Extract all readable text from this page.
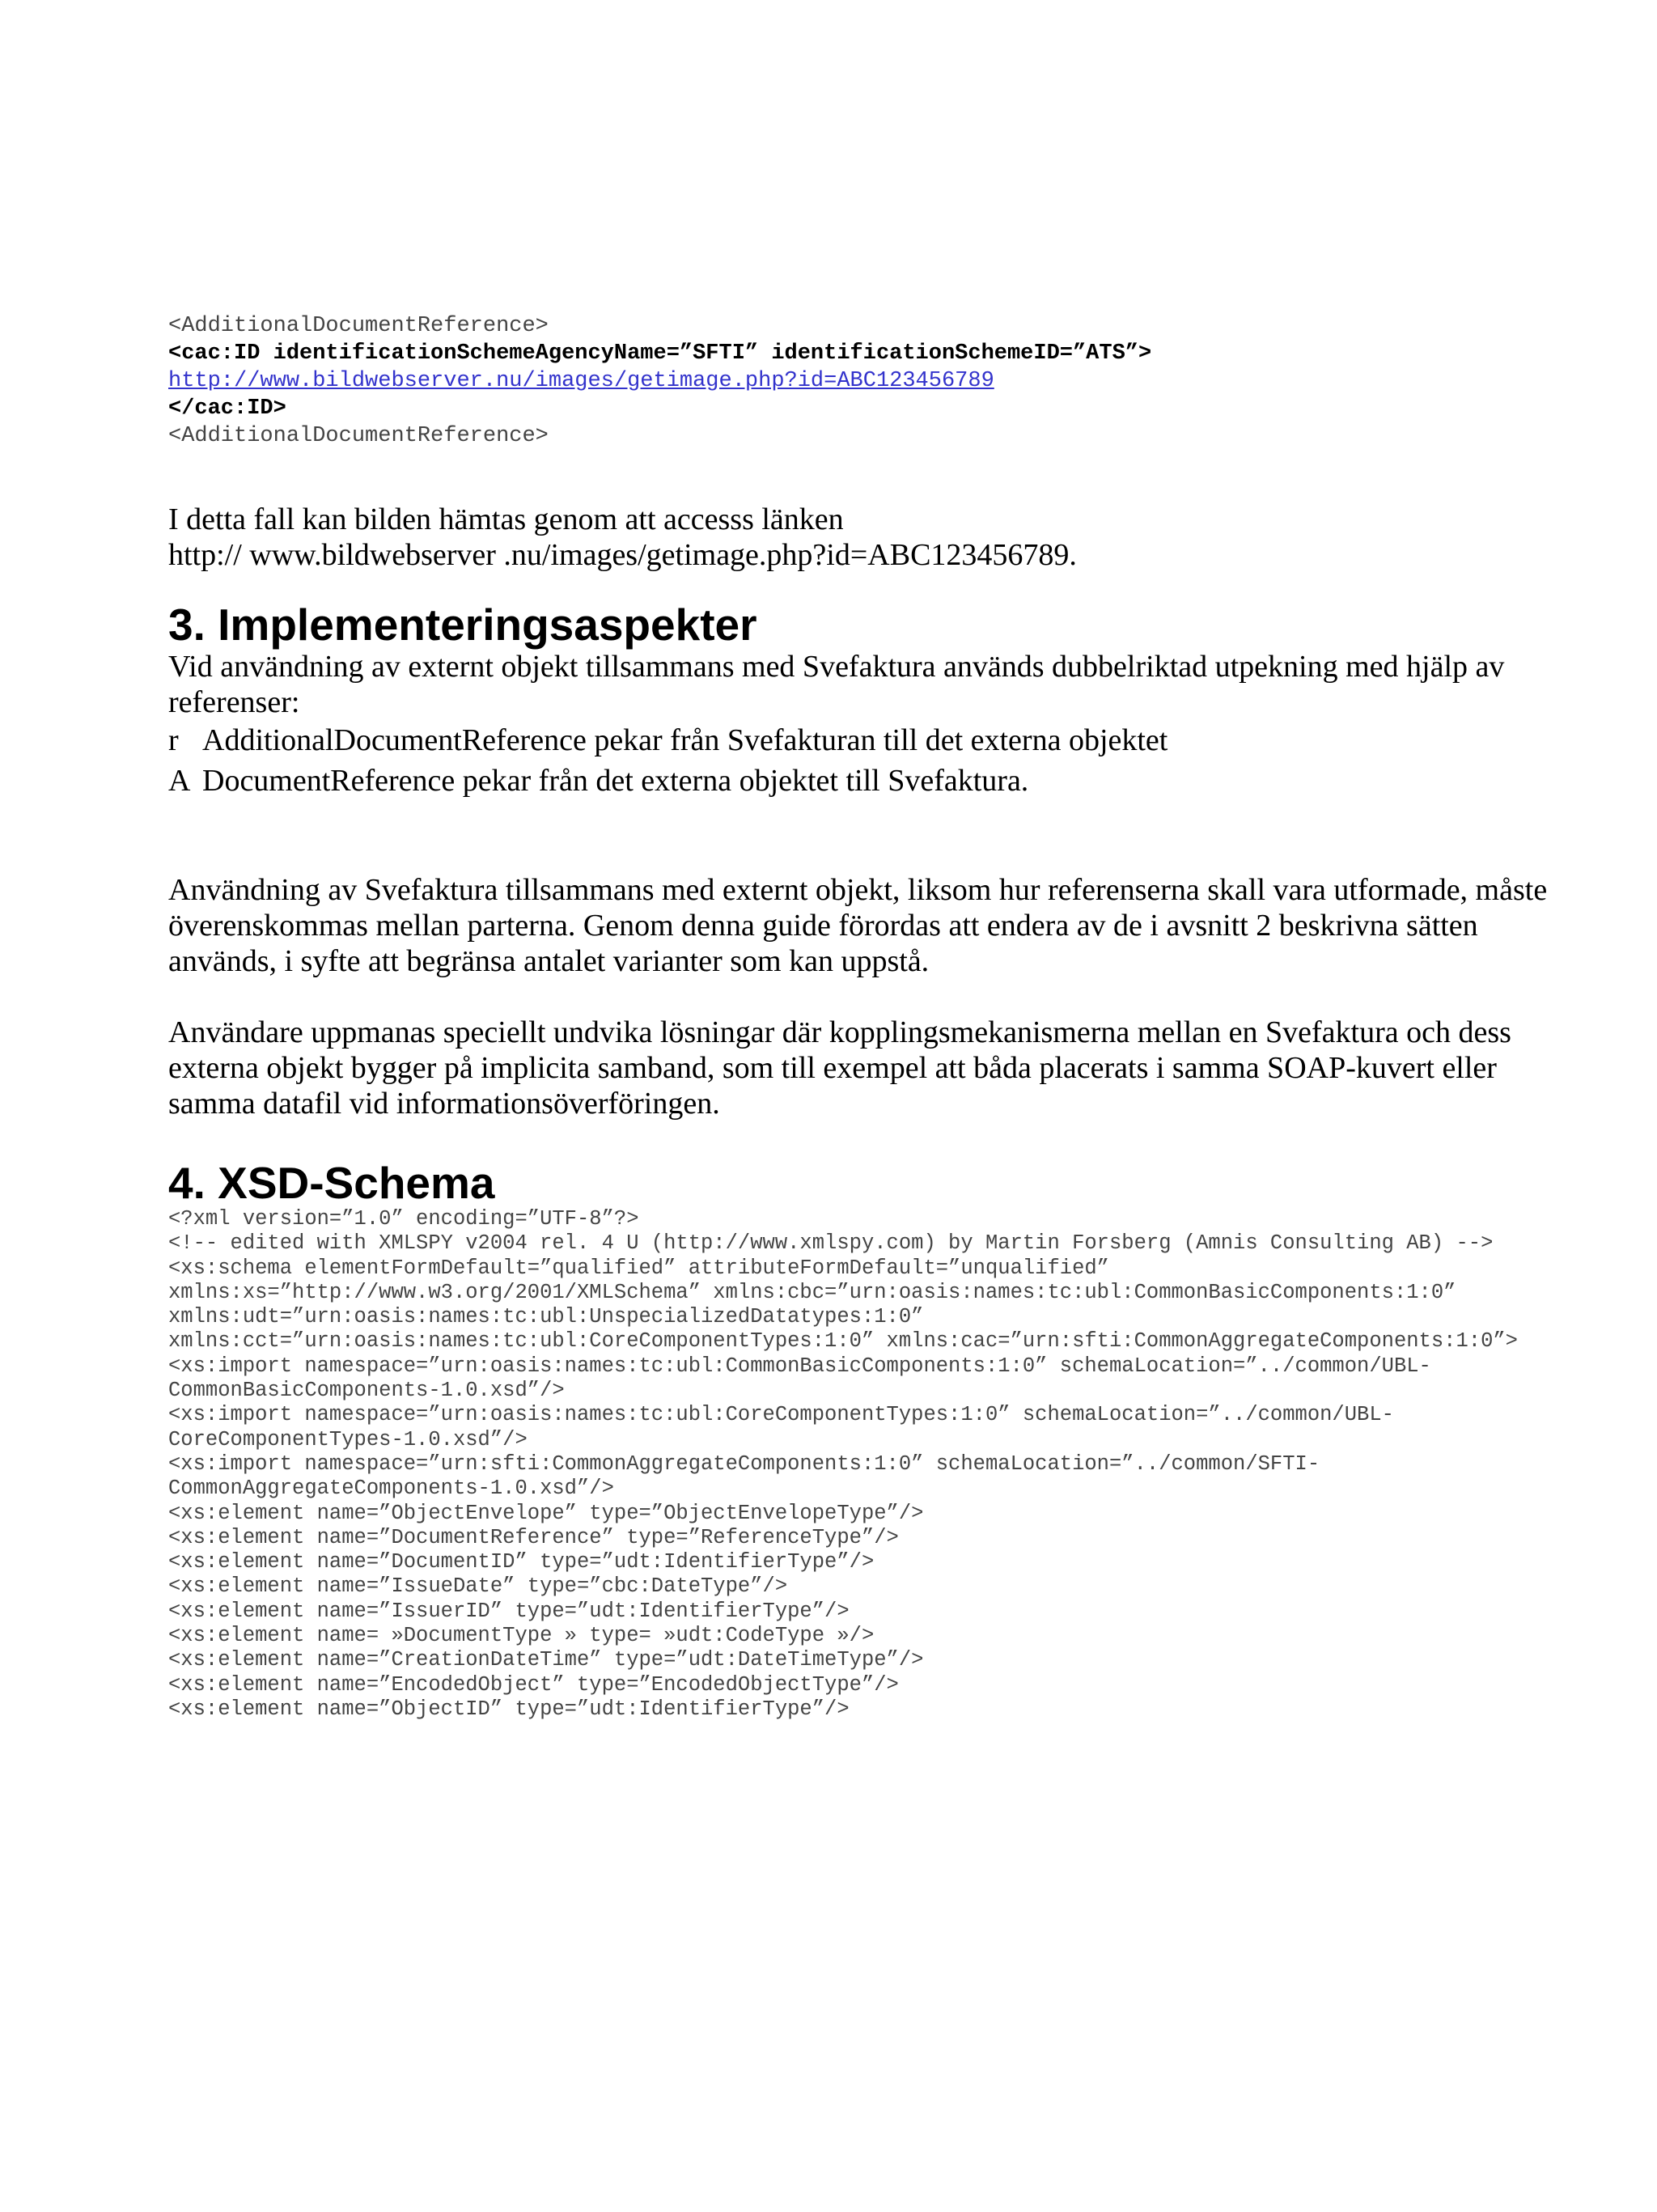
<AdditionalDocumentReference>
<cac:ID identificationSchemeAgencyName=”SFTI” identificationSchemeID=”ATS”>
http://www.bildwebserver.nu/images/getimage.php?id=ABC123456789
</cac:ID>
<AdditionalDocumentReference>

I detta fall kan bilden hämtas genom att accesss länken

http:// www.bildwebserver .nu/images/getimage.php?id=ABC123456789.

3. Implementeringsaspekter

Vid användning av externt objekt tillsammans med Svefaktura används dubbelriktad utpekning med hjälp av referenser:

r AdditionalDocumentReference pekar från Svefakturan till det externa objektet
A DocumentReference pekar från det externa objektet till Svefaktura.

Användning av Svefaktura tillsammans med externt objekt, liksom hur referenserna skall vara utformade, måste överenskommas mellan parterna. Genom denna guide förordas att endera av de i avsnitt 2 beskrivna sätten används, i syfte att begränsa antalet varianter som kan uppstå.

Användare uppmanas speciellt undvika lösningar där kopplingsmekanismerna mellan en Svefaktura och dess externa objekt bygger på implicita samband, som till exempel att båda placerats i samma SOAP-kuvert eller samma datafil vid informationsöverföringen.

4. XSD-Schema
<?xml version=”1.0” encoding=”UTF-8”?>
<!-- edited with XMLSPY v2004 rel. 4 U (http://www.xmlspy.com) by Martin Forsberg (Amnis Consulting AB) -->
<xs:schema elementFormDefault=”qualified” attributeFormDefault=”unqualified”
xmlns:xs=”http://www.w3.org/2001/XMLSchema” xmlns:cbc=”urn:oasis:names:tc:ubl:CommonBasicComponents:1:0”
xmlns:udt=”urn:oasis:names:tc:ubl:UnspecializedDatatypes:1:0”
xmlns:cct=”urn:oasis:names:tc:ubl:CoreComponentTypes:1:0” xmlns:cac=”urn:sfti:CommonAggregateComponents:1:0”>
<xs:import namespace=”urn:oasis:names:tc:ubl:CommonBasicComponents:1:0” schemaLocation=”../common/UBL-
CommonBasicComponents-1.0.xsd”/>
<xs:import namespace=”urn:oasis:names:tc:ubl:CoreComponentTypes:1:0” schemaLocation=”../common/UBL-
CoreComponentTypes-1.0.xsd”/>
<xs:import namespace=”urn:sfti:CommonAggregateComponents:1:0” schemaLocation=”../common/SFTI-
CommonAggregateComponents-1.0.xsd”/>
<xs:element name=”ObjectEnvelope” type=”ObjectEnvelopeType”/>
<xs:element name=”DocumentReference” type=”ReferenceType”/>
<xs:element name=”DocumentID” type=”udt:IdentifierType”/>
<xs:element name=”IssueDate” type=”cbc:DateType”/>
<xs:element name=”IssuerID” type=”udt:IdentifierType”/>
<xs:element name= »DocumentType » type= »udt:CodeType »/>
<xs:element name=”CreationDateTime” type=”udt:DateTimeType”/>
<xs:element name=”EncodedObject” type=”EncodedObjectType”/>
<xs:element name=”ObjectID” type=”udt:IdentifierType”/>
